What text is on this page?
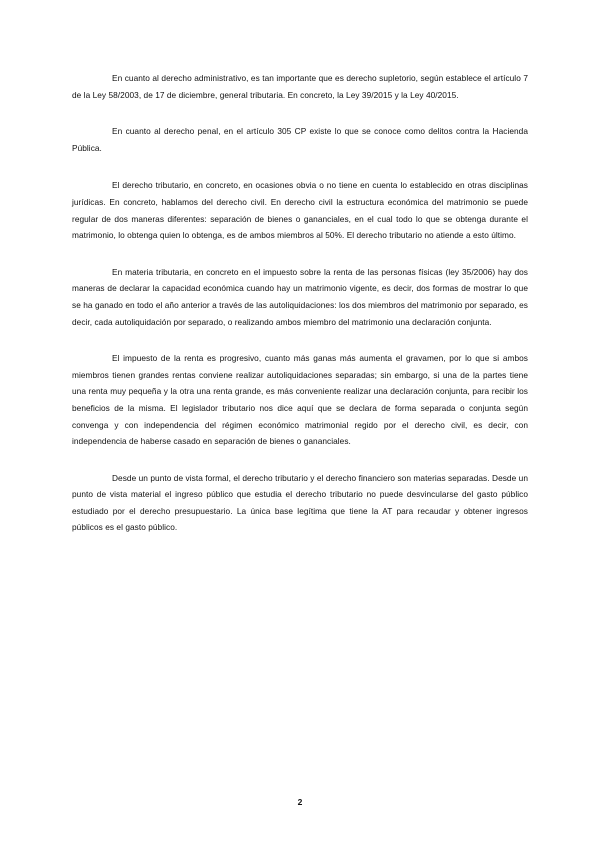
En cuanto al derecho administrativo, es tan importante que es derecho supletorio, según establece el artículo 7 de la Ley 58/2003, de 17 de diciembre, general tributaria. En concreto, la Ley 39/2015 y la Ley 40/2015.

En cuanto al derecho penal, en el artículo 305 CP existe lo que se conoce como delitos contra la Hacienda Pública.

El derecho tributario, en concreto, en ocasiones obvia o no tiene en cuenta lo establecido en otras disciplinas jurídicas. En concreto, hablamos del derecho civil. En derecho civil la estructura económica del matrimonio se puede regular de dos maneras diferentes: separación de bienes o gananciales, en el cual todo lo que se obtenga durante el matrimonio, lo obtenga quien lo obtenga, es de ambos miembros al 50%. El derecho tributario no atiende a esto último.

En materia tributaria, en concreto en el impuesto sobre la renta de las personas físicas (ley 35/2006) hay dos maneras de declarar la capacidad económica cuando hay un matrimonio vigente, es decir, dos formas de mostrar lo que se ha ganado en todo el año anterior a través de las autoliquidaciones: los dos miembros del matrimonio por separado, es decir, cada autoliquidación por separado, o realizando ambos miembro del matrimonio una declaración conjunta.

El impuesto de la renta es progresivo, cuanto más ganas más aumenta el gravamen, por lo que si ambos miembros tienen grandes rentas conviene realizar autoliquidaciones separadas; sin embargo, si una de la partes tiene una renta muy pequeña y la otra una renta grande, es más conveniente realizar una declaración conjunta, para recibir los beneficios de la misma. El legislador tributario nos dice aquí que se declara de forma separada o conjunta según convenga y con independencia del régimen económico matrimonial regido por el derecho civil, es decir, con independencia de haberse casado en separación de bienes o gananciales.

Desde un punto de vista formal, el derecho tributario y el derecho financiero son materias separadas. Desde un punto de vista material el ingreso público que estudia el derecho tributario no puede desvincularse del gasto público estudiado por el derecho presupuestario. La única base legítima que tiene la AT para recaudar y obtener ingresos públicos es el gasto público.

2
